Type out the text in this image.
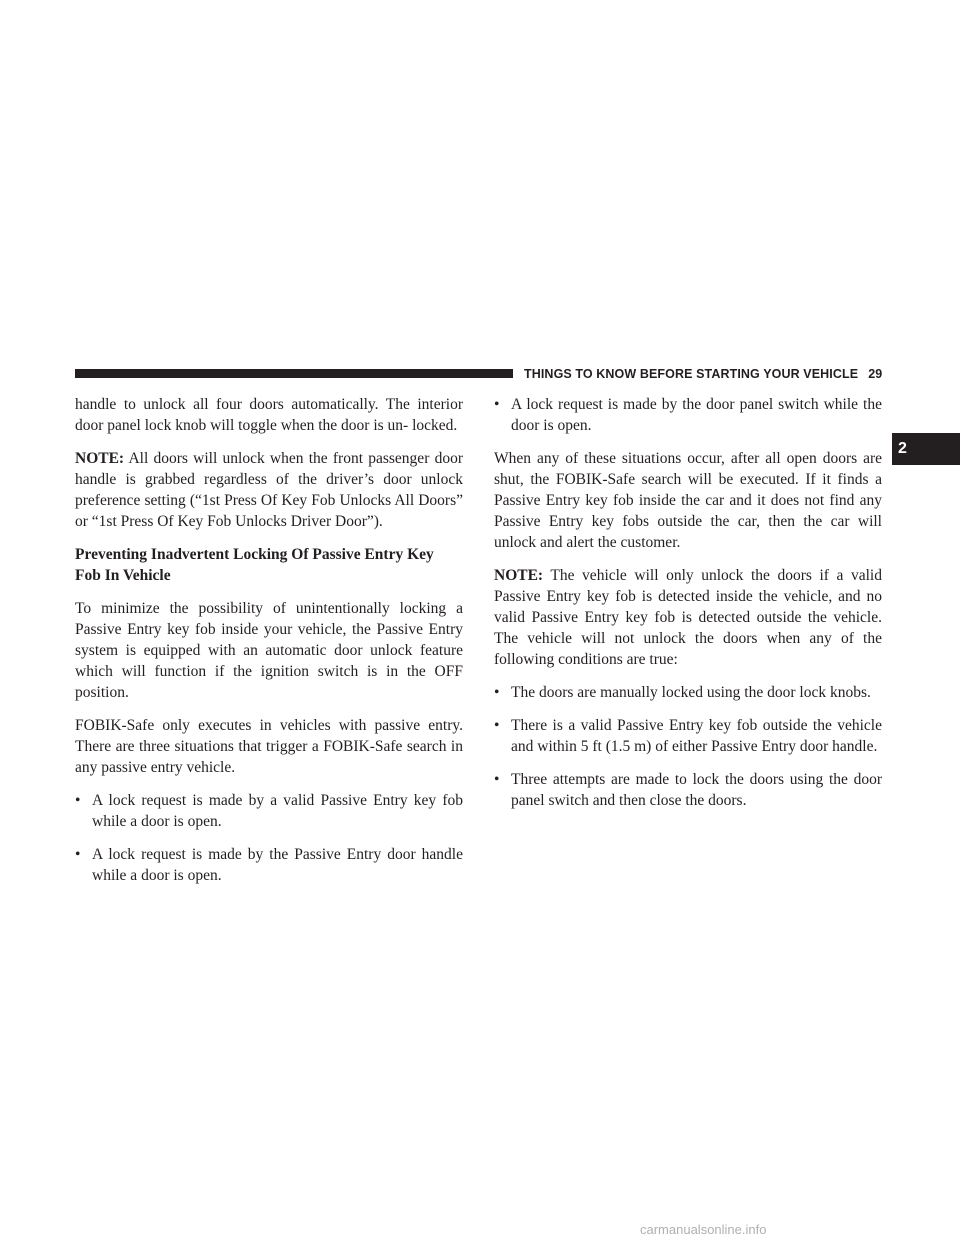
THINGS TO KNOW BEFORE STARTING YOUR VEHICLE 29
2

handle to unlock all four doors automatically. The interior door panel lock knob will toggle when the door is un- locked.

NOTE: All doors will unlock when the front passenger door handle is grabbed regardless of the driver’s door unlock preference setting (“1st Press Of Key Fob Unlocks All Doors” or “1st Press Of Key Fob Unlocks Driver Door”).

Preventing Inadvertent Locking Of Passive Entry Key Fob In Vehicle

To minimize the possibility of unintentionally locking a Passive Entry key fob inside your vehicle, the Passive Entry system is equipped with an automatic door unlock feature which will function if the ignition switch is in the OFF position.

FOBIK-Safe only executes in vehicles with passive entry. There are three situations that trigger a FOBIK-Safe search in any passive entry vehicle.

• A lock request is made by a valid Passive Entry key fob while a door is open.
• A lock request is made by the Passive Entry door handle while a door is open.
• A lock request is made by the door panel switch while the door is open.

When any of these situations occur, after all open doors are shut, the FOBIK-Safe search will be executed. If it finds a Passive Entry key fob inside the car and it does not find any Passive Entry key fobs outside the car, then the car will unlock and alert the customer.

NOTE: The vehicle will only unlock the doors if a valid Passive Entry key fob is detected inside the vehicle, and no valid Passive Entry key fob is detected outside the vehicle. The vehicle will not unlock the doors when any of the following conditions are true:

• The doors are manually locked using the door lock knobs.
• There is a valid Passive Entry key fob outside the vehicle and within 5 ft (1.5 m) of either Passive Entry door handle.
• Three attempts are made to lock the doors using the door panel switch and then close the doors.
carmanualsonline.info
